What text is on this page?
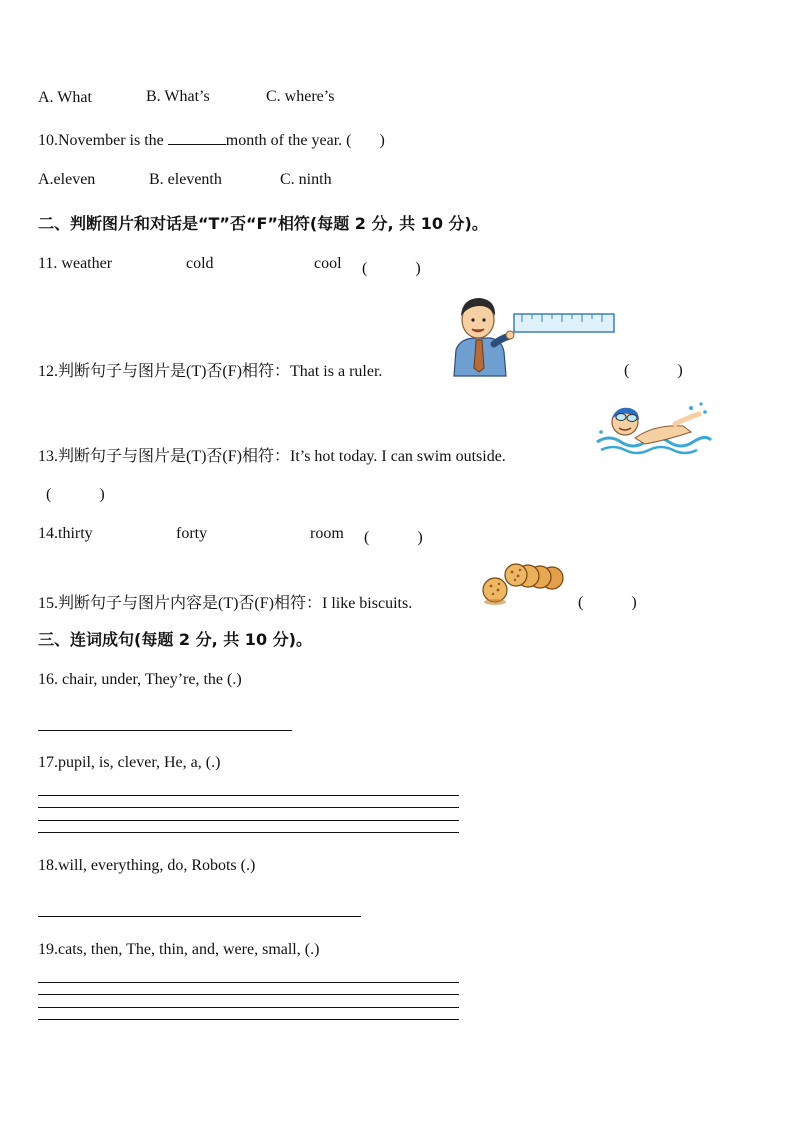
A. What	B. What’s	C. where’s
10.November is the	month of the year. ( )
A.eleven	B. eleventh	C. ninth
二、判断图片和对话是“T”否“F”相符(每题 2 分, 共 10 分)。
11. weather	cold	cool (　　　)
12.判断句子与图片是(T)否(F)相符：That is a ruler.	(　　　)
13.判断句子与图片是(T)否(F)相符：It’s hot today. I can swim outside.
(　　　)
14.thirty	forty	room (　　　)
15.判断句子与图片内容是(T)否(F)相符：I like biscuits.	(　　　)
三、连词成句(每题 2 分, 共 10 分)。
16. chair, under, They’re, the (.)
17.pupil, is, clever, He, a, (.)
18.will, everything, do, Robots (.)
19.cats, then, The, thin, and, were, small, (.)
